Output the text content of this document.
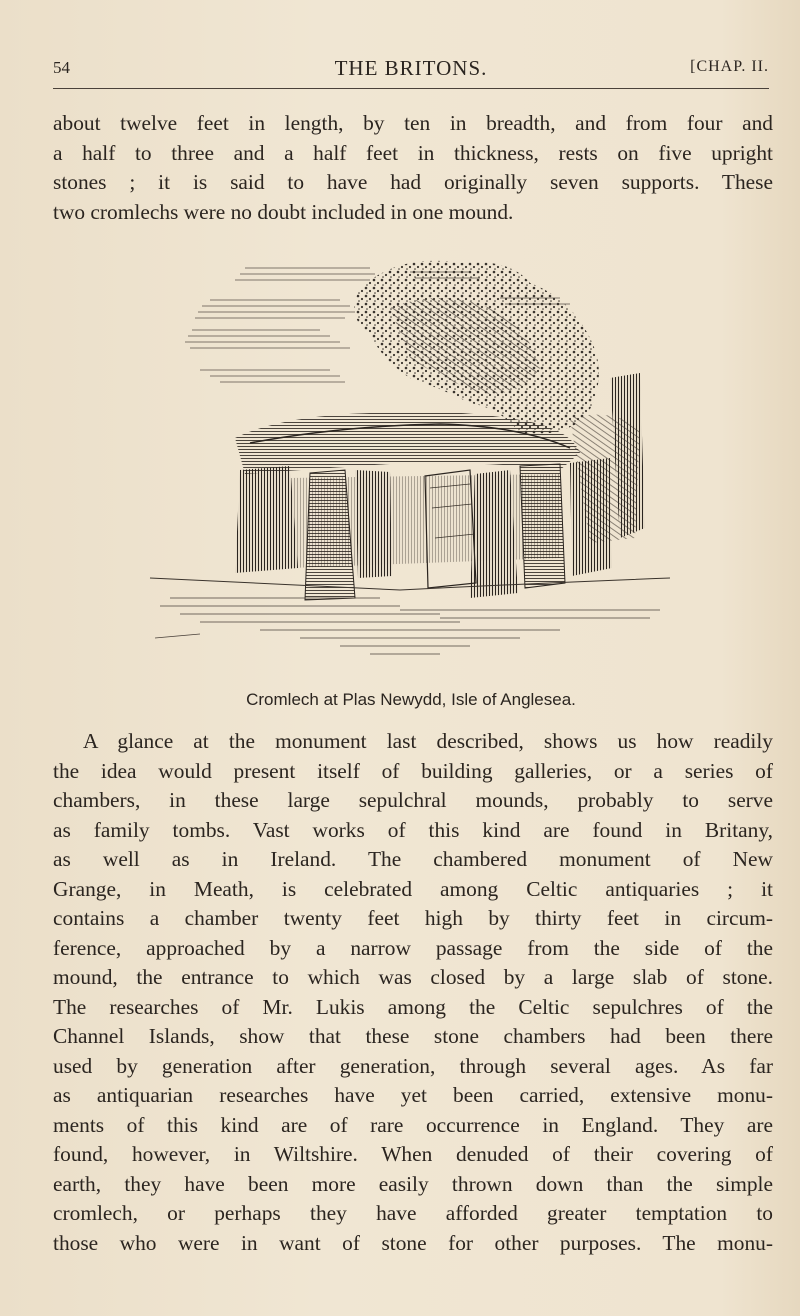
54	THE BRITONS.	[CHAP. II.

about twelve feet in length, by ten in breadth, and from four and
a half to three and a half feet in thickness, rests on five upright
stones ; it is said to have had originally seven supports. These
two cromlechs were no doubt included in one mound.

Cromlech at Plas Newydd, Isle of Anglesea.

A glance at the monument last described, shows us how readily
the idea would present itself of building galleries, or a series of
chambers, in these large sepulchral mounds, probably to serve
as family tombs. Vast works of this kind are found in Britany,
as well as in Ireland. The chambered monument of New
Grange, in Meath, is celebrated among Celtic antiquaries ; it
contains a chamber twenty feet high by thirty feet in circum-
ference, approached by a narrow passage from the side of the
mound, the entrance to which was closed by a large slab of stone.
The researches of Mr. Lukis among the Celtic sepulchres of the
Channel Islands, show that these stone chambers had been there
used by generation after generation, through several ages. As far
as antiquarian researches have yet been carried, extensive monu-
ments of this kind are of rare occurrence in England. They are
found, however, in Wiltshire. When denuded of their covering of
earth, they have been more easily thrown down than the simple
cromlech, or perhaps they have afforded greater temptation to
those who were in want of stone for other purposes. The monu-
